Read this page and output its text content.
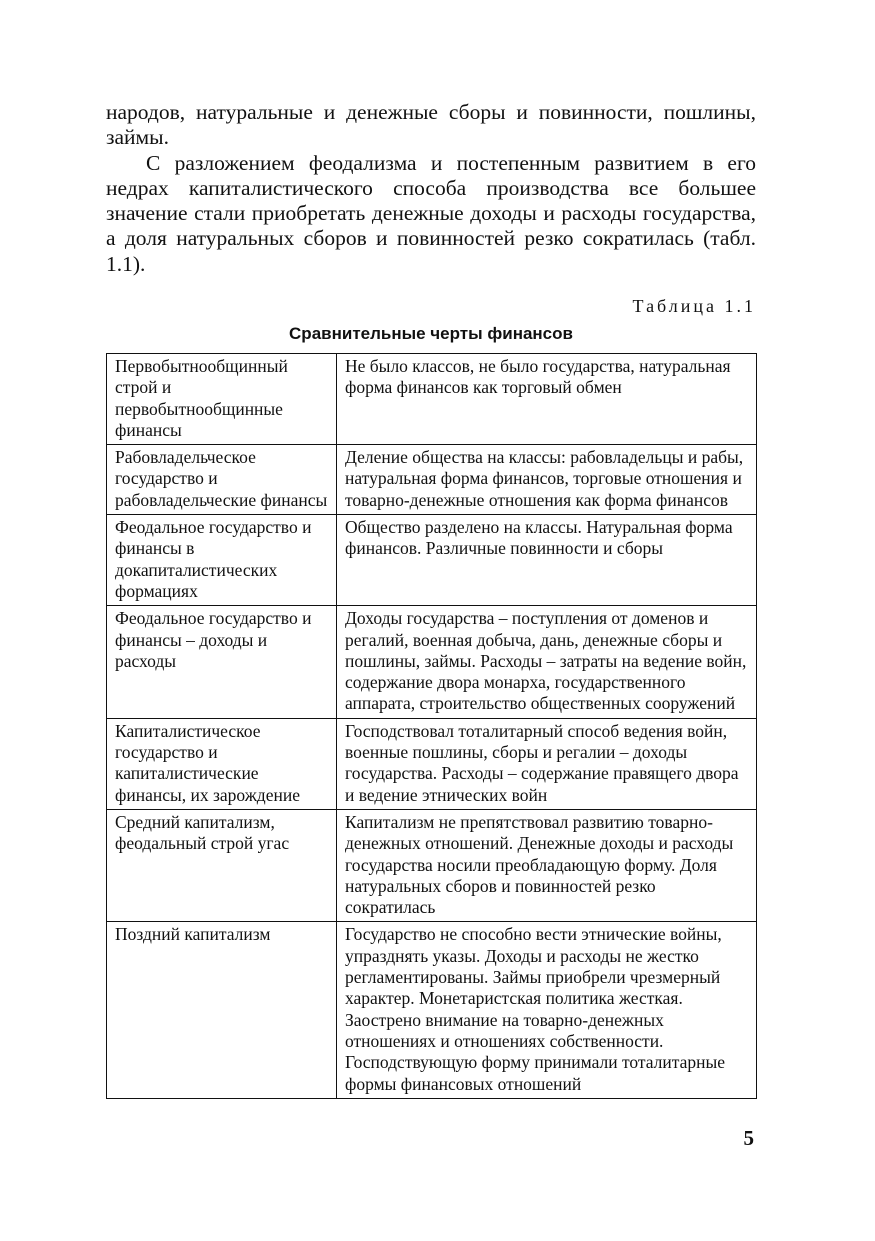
народов, натуральные и денежные сборы и повинности, пошлины, займы.

С разложением феодализма и постепенным развитием в его недрах капиталистического способа производства все большее значение стали приобретать денежные доходы и расходы государства, а доля натуральных сборов и повинностей резко сократилась (табл. 1.1).

Таблица 1.1
Сравнительные черты финансов
Первобытнообщинный строй и первобытнообщинные финансы	Не было классов, не было государства, натуральная форма финансов как торговый обмен
Рабовладельческое государство и рабовладельческие финансы	Деление общества на классы: рабовладельцы и рабы, натуральная форма финансов, торговые отношения и товарно-денежные отношения как форма финансов
Феодальное государство и финансы в докапиталистических формациях	Общество разделено на классы. Натуральная форма финансов. Различные повинности и сборы
Феодальное государство и финансы – доходы и расходы	Доходы государства – поступления от доменов и регалий, военная добыча, дань, денежные сборы и пошлины, займы. Расходы – затраты на ведение войн, содержание двора монарха, государственного аппарата, строительство общественных сооружений
Капиталистическое государство и капиталистические финансы, их зарождение	Господствовал тоталитарный способ ведения войн, военные пошлины, сборы и регалии – доходы государства. Расходы – содержание правящего двора и ведение этнических войн
Средний капитализм, феодальный строй угас	Капитализм не препятствовал развитию товарно-денежных отношений. Денежные доходы и расходы государства носили преобладающую форму. Доля натуральных сборов и повинностей резко сократилась
Поздний капитализм	Государство не способно вести этнические войны, упразднять указы. Доходы и расходы не жестко регламентированы. Займы приобрели чрезмерный характер. Монетаристская политика жесткая. Заострено внимание на товарно-денежных отношениях и отношениях собственности. Господствующую форму принимали тоталитарные формы финансовых отношений
5
